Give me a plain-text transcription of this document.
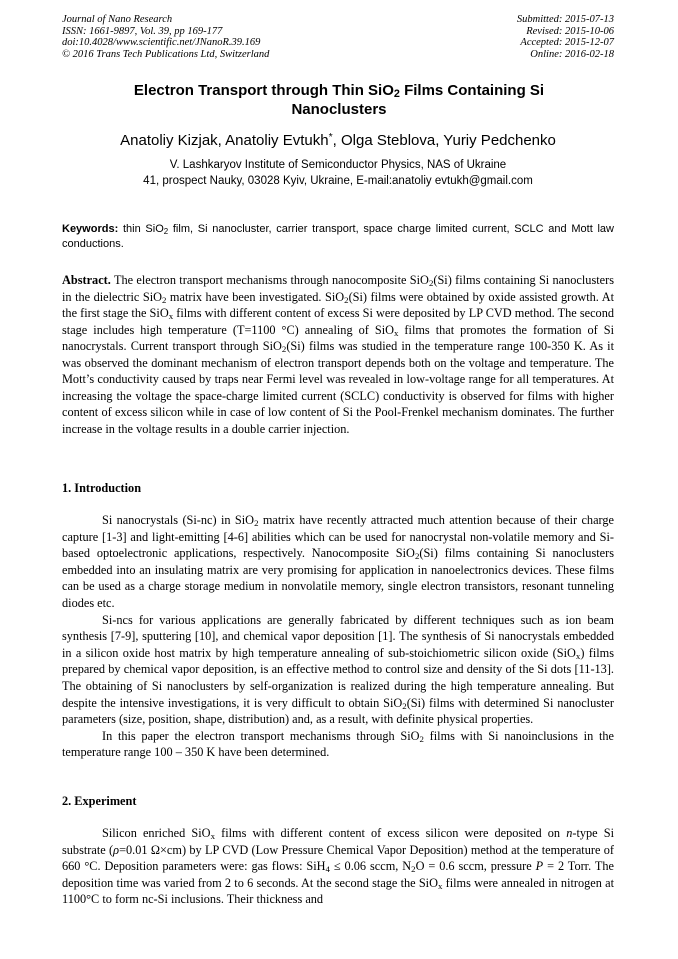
Journal of Nano Research
ISSN: 1661-9897, Vol. 39, pp 169-177
doi:10.4028/www.scientific.net/JNanoR.39.169
© 2016 Trans Tech Publications Ltd, Switzerland
Submitted: 2015-07-13
Revised: 2015-10-06
Accepted: 2015-12-07
Online: 2016-02-18
Electron Transport through Thin SiO$_2$ Films Containing Si Nanoclusters
Anatoliy Kizjak, Anatoliy Evtukh*, Olga Steblova, Yuriy Pedchenko
V. Lashkaryov Institute of Semiconductor Physics, NAS of Ukraine
41, prospect Nauky, 03028 Kyiv, Ukraine, E-mail:anatoliy evtukh@gmail.com
Keywords: thin SiO$_2$ film, Si nanocluster, carrier transport, space charge limited current, SCLC and Mott law conductions.
Abstract. The electron transport mechanisms through nanocomposite SiO$_2$(Si) films containing Si nanoclusters in the dielectric SiO$_2$ matrix have been investigated. SiO$_2$(Si) films were obtained by oxide assisted growth. At the first stage the SiO$_x$ films with different content of excess Si were deposited by LP CVD method. The second stage includes high temperature (T=1100 °C) annealing of SiO$_x$ films that promotes the formation of Si nanocrystals. Current transport through SiO$_2$(Si) films was studied in the temperature range 100-350 K. As it was observed the dominant mechanism of electron transport depends both on the voltage and temperature. The Mott’s conductivity caused by traps near Fermi level was revealed in low-voltage range for all temperatures. At increasing the voltage the space-charge limited current (SCLC) conductivity is observed for films with higher content of excess silicon while in case of low content of Si the Pool-Frenkel mechanism dominates. The further increase in the voltage results in a double carrier injection.
1. Introduction

Si nanocrystals (Si-nc) in SiO$_2$ matrix have recently attracted much attention because of their charge capture [1-3] and light-emitting [4-6] abilities which can be used for nanocrystal non-volatile memory and Si-based optoelectronic applications, respectively. Nanocomposite SiO$_2$(Si) films containing Si nanoclusters embedded into an insulating matrix are very promising for application in nanoelectronics devices. These films can be used as a charge storage medium in nonvolatile memory, single electron transistors, resonant tunneling diodes etc.

Si-ncs for various applications are generally fabricated by different techniques such as ion beam synthesis [7-9], sputtering [10], and chemical vapor deposition [1]. The synthesis of Si nanocrystals embedded in a silicon oxide host matrix by high temperature annealing of sub-stoichiometric silicon oxide (SiO$_x$) films prepared by chemical vapor deposition, is an effective method to control size and density of the Si dots [11-13]. The obtaining of Si nanoclusters by self-organization is realized during the high temperature annealing. But despite the intensive investigations, it is very difficult to obtain SiO$_2$(Si) films with determined Si nanocluster parameters (size, position, shape, distribution) and, as a result, with definite physical properties.

In this paper the electron transport mechanisms through SiO$_2$ films with Si nanoinclusions in the temperature range 100 – 350 K have been determined.

2. Experiment

Silicon enriched SiO$_x$ films with different content of excess silicon were deposited on n-type Si substrate (ρ=0.01 Ω×cm) by LP CVD (Low Pressure Chemical Vapor Deposition) method at the temperature of 660 °C. Deposition parameters were: gas flows: SiH$_4$ ≤ 0.06 sccm, $N_2O = 0.6$ sccm, pressure P = 2 Torr. The deposition time was varied from 2 to 6 seconds. At the second stage the SiO$_x$ films were annealed in nitrogen at 1100°C to form nc-Si inclusions. Their thickness and
